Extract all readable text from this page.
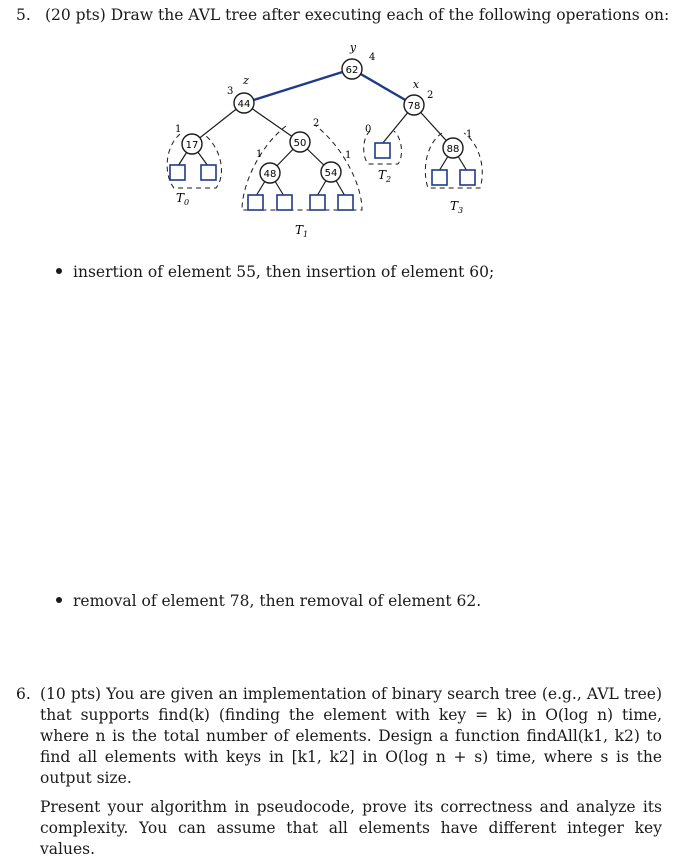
5. (20 pts) Draw the AVL tree after executing each of the following operations on:
62
44	78
17	50
48	54
88
y
z	x
4
3	2
1
2
1	1
1
0
$T_0$
$T_1$
$T_2$
$T_3$
insertion of element 55, then insertion of element 60;
removal of element 78, then removal of element 62.
6. (10 pts) You are given an implementation of binary search tree (e.g., AVL tree) that supports find(k) (finding the element with key = k) in O(log n) time, where n is the total number of elements. Design a function findAll(k1, k2) to find all elements with keys in [k1, k2] in O(log n + s) time, where s is the output size.
Present your algorithm in pseudocode, prove its correctness and analyze its complexity. You can assume that all elements have different integer key values.
